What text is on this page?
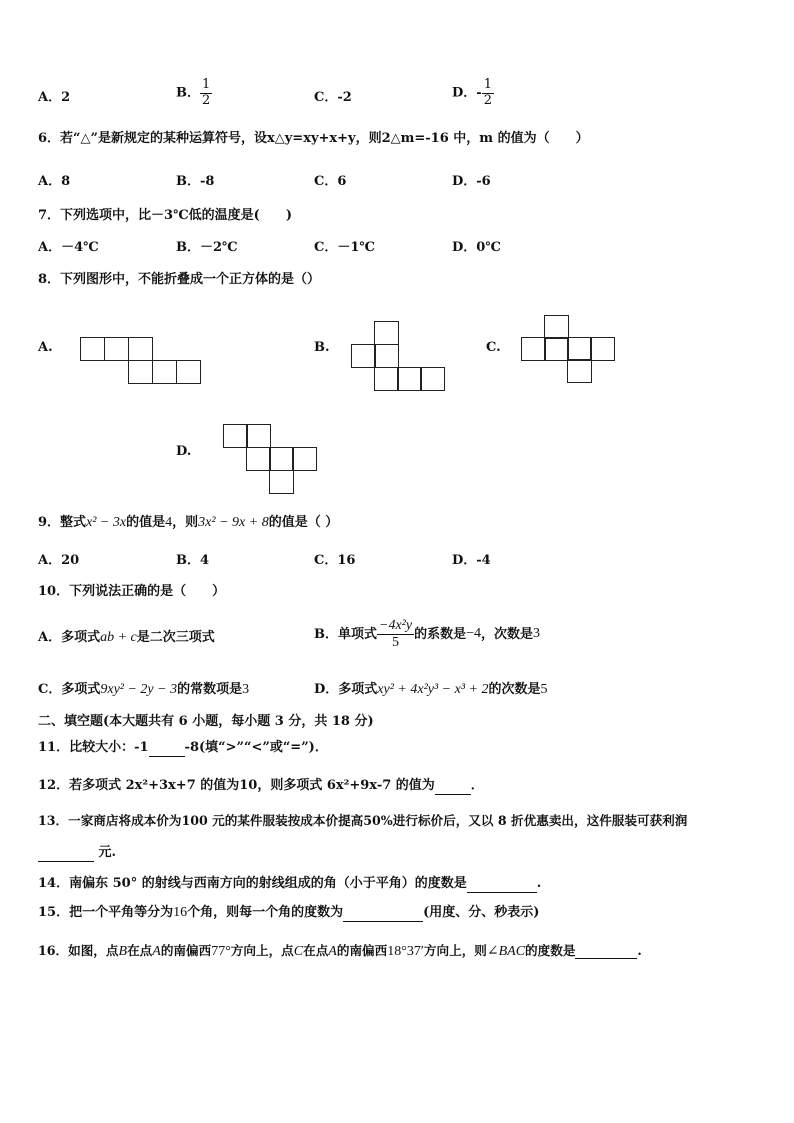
A．2	B． $\frac{1}{2}$	C．-2	D．- $\frac{1}{2}$
6．若“△”是新规定的某种运算符号，设x△y=xy+x+y，则2△m=-16 中，m 的值为（　　）
A．8	B．-8	C．6	D．-6
7．下列选项中，比－3℃低的温度是(　　)
A．－4℃	B．－2℃	C．－1℃	D．0℃
8．下列图形中，不能折叠成一个正方体的是（）
A.	B.	C.
D.
9．整式x² − 3x的值是4，则3x² − 9x + 8的值是（ ）
A．20	B．4	C．16	D．-4
10．下列说法正确的是（　　）
A．多项式ab + c是二次三项式	B．单项式 $\frac{\text{−4x²y}}{5}$ 的系数是−4，次数是3
C．多项式9xy² − 2y − 3的常数项是3	D．多项式xy² + 4x²y³ − x³ + 2的次数是5
二、填空题(本大题共有 6 小题，每小题 3 分，共 18 分)
11．比较大小：-1	-8(填“>”“<”或“=”)．
12．若多项式 2x²+3x+7 的值为10，则多项式 6x²+9x-7 的值为	．
13．一家商店将成本价为100 元的某件服装按成本价提高50%进行标价后，又以 8 折优惠卖出，这件服装可获利润
元.
14．南偏东 50° 的射线与西南方向的射线组成的角（小于平角）的度数是	.
15．把一个平角等分为16个角，则每一个角的度数为	(用度、分、秒表示)
16．如图，点B在点A的南偏西77°方向上，点C在点A的南偏西18°37′方向上，则∠BAC的度数是	.
